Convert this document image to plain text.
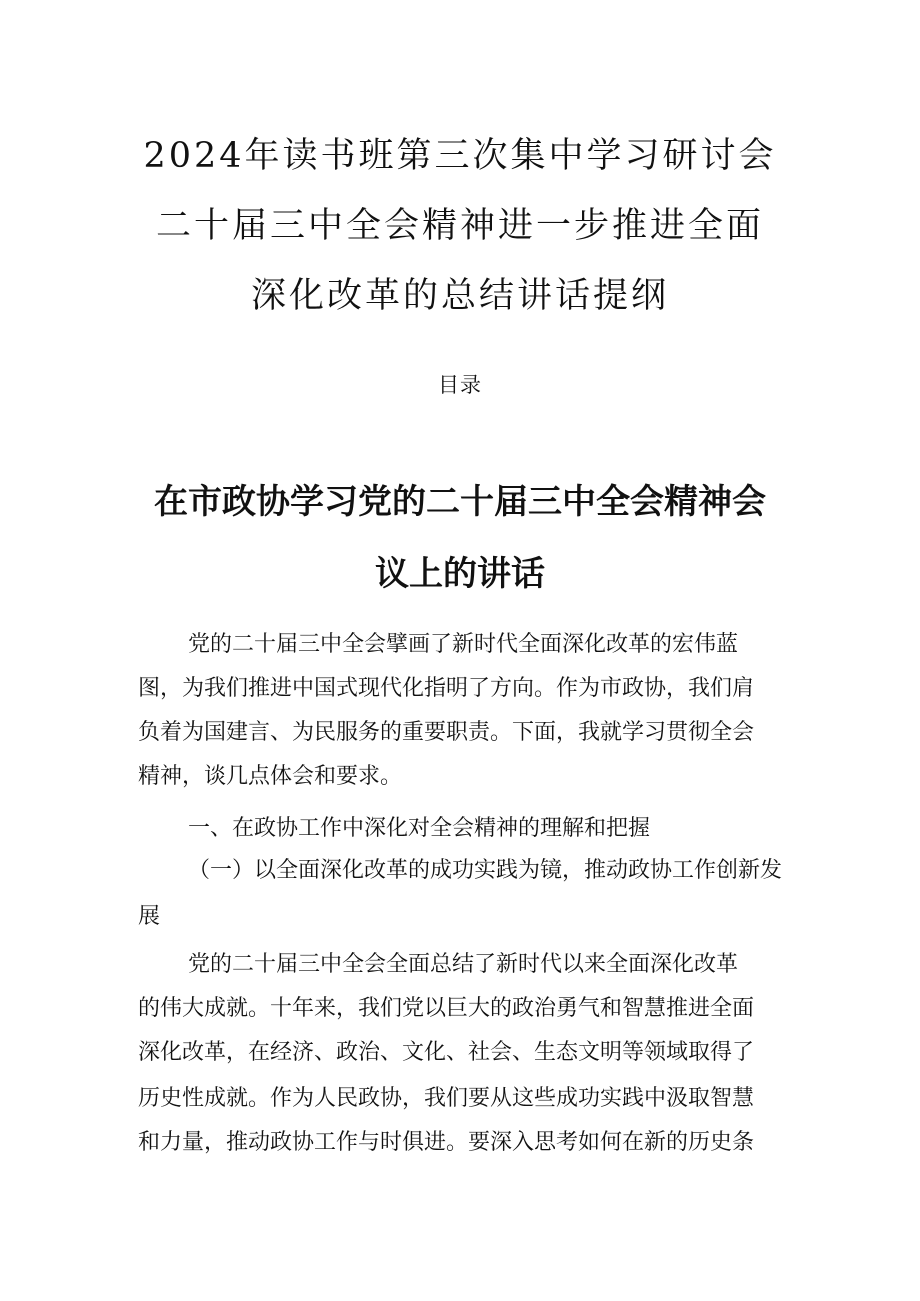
2024年读书班第三次集中学习研讨会
二十届三中全会精神进一步推进全面
深化改革的总结讲话提纲
目录
在市政协学习党的二十届三中全会精神会
议上的讲话
党的二十届三中全会擘画了新时代全面深化改革的宏伟蓝
图，为我们推进中国式现代化指明了方向。作为市政协，我们肩
负着为国建言、为民服务的重要职责。下面，我就学习贯彻全会
精神，谈几点体会和要求。
一、在政协工作中深化对全会精神的理解和把握
（一）以全面深化改革的成功实践为镜，推动政协工作创新发
展
党的二十届三中全会全面总结了新时代以来全面深化改革
的伟大成就。十年来，我们党以巨大的政治勇气和智慧推进全面
深化改革，在经济、政治、文化、社会、生态文明等领域取得了
历史性成就。作为人民政协，我们要从这些成功实践中汲取智慧
和力量，推动政协工作与时俱进。要深入思考如何在新的历史条
